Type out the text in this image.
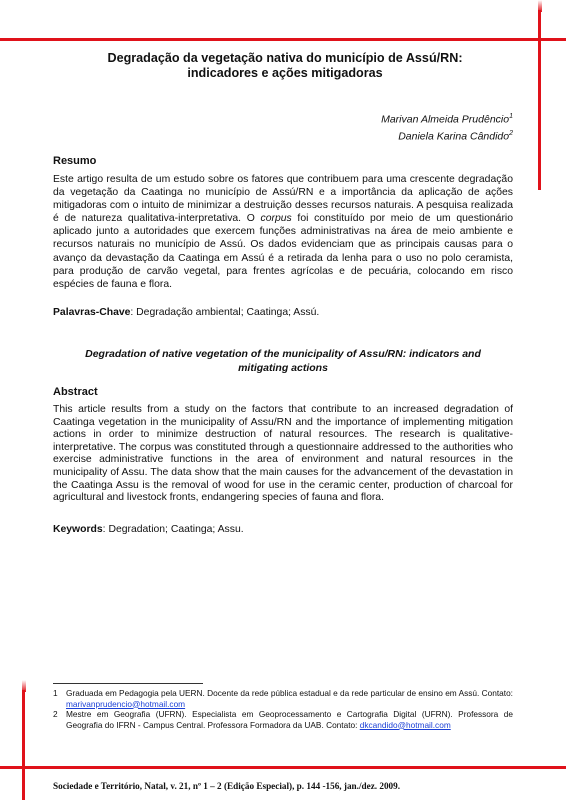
Degradação da vegetação nativa do município de Assú/RN:
indicadores e ações mitigadoras
Marivan Almeida Prudêncio$^1$
Daniela Karina Cândido$^2$
Resumo
Este artigo resulta de um estudo sobre os fatores que contribuem para uma crescente degradação da vegetação da Caatinga no município de Assú/RN e a importância da aplicação de ações mitigadoras com o intuito de minimizar a destruição desses recursos naturais. A pesquisa realizada é de natureza qualitativa-interpretativa. O corpus foi constituído por meio de um questionário aplicado junto a autoridades que exercem funções administrativas na área de meio ambiente e recursos naturais no município de Assú. Os dados evidenciam que as principais causas para o avanço da devastação da Caatinga em Assú é a retirada da lenha para o uso no polo ceramista, para produção de carvão vegetal, para frentes agrícolas e de pecuária, colocando em risco espécies de fauna e flora.
Palavras-Chave: Degradação ambiental; Caatinga; Assú.
Degradation of native vegetation of the municipality of Assu/RN: indicators and
mitigating actions
Abstract
This article results from a study on the factors that contribute to an increased degradation of Caatinga vegetation in the municipality of Assu/RN and the importance of implementing mitigation actions in order to minimize destruction of natural resources. The research is qualitative-interpretative. The corpus was constituted through a questionnaire addressed to the authorities who exercise administrative functions in the area of environment and natural resources in the municipality of Assu. The data show that the main causes for the advancement of the devastation in the Caatinga Assu is the removal of wood for use in the ceramic center, production of charcoal for agricultural and livestock fronts, endangering species of fauna and flora.
Keywords: Degradation; Caatinga; Assu.
1	Graduada em Pedagogia pela UERN. Docente da rede pública estadual e da rede particular de ensino em Assú. Contato: marivanprudencio@hotmail.com
2	Mestre em Geografia (UFRN). Especialista em Geoprocessamento e Cartografia Digital (UFRN). Professora de Geografia do IFRN - Campus Central. Professora Formadora da UAB. Contato: dkcandido@hotmail.com
Sociedade e Território, Natal, v. 21, nº 1 – 2 (Edição Especial), p. 144 -156, jan./dez. 2009.
